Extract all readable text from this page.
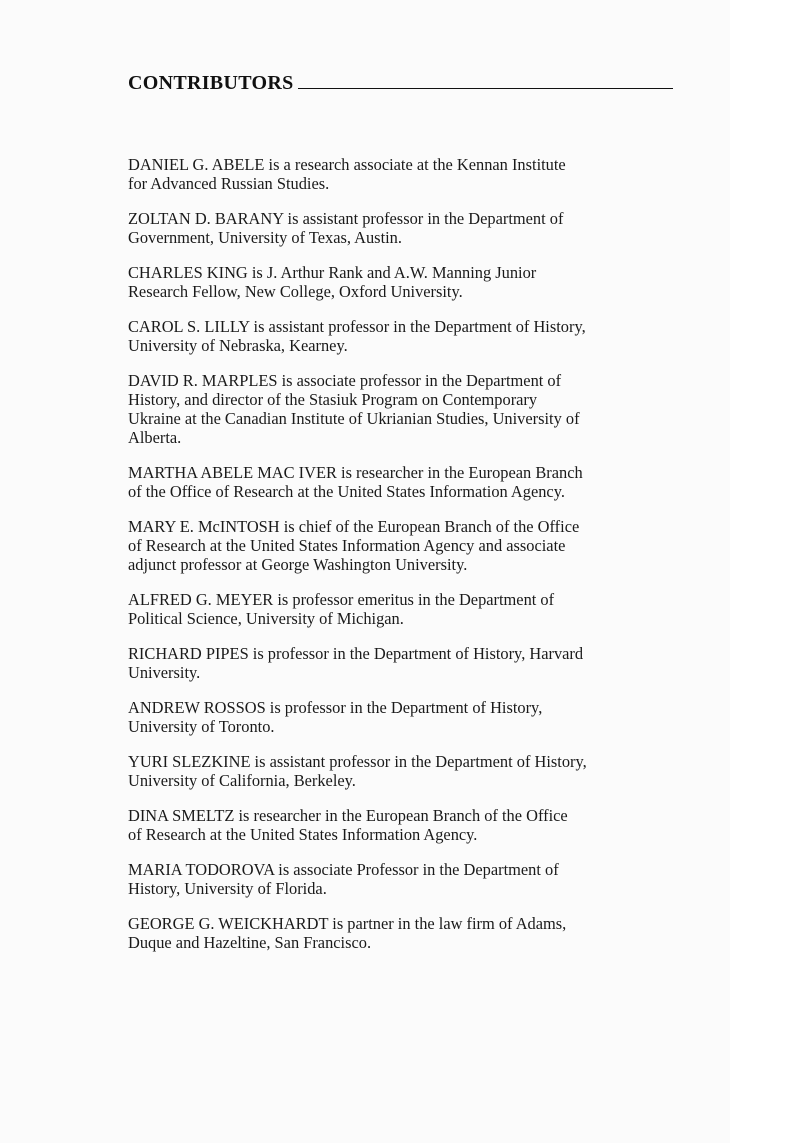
CONTRIBUTORS
DANIEL G. ABELE is a research associate at the Kennan Institute
for Advanced Russian Studies.
ZOLTAN D. BARANY is assistant professor in the Department of
Government, University of Texas, Austin.
CHARLES KING is J. Arthur Rank and A.W. Manning Junior
Research Fellow, New College, Oxford University.
CAROL S. LILLY is assistant professor in the Department of History,
University of Nebraska, Kearney.
DAVID R. MARPLES is associate professor in the Department of
History, and director of the Stasiuk Program on Contemporary
Ukraine at the Canadian Institute of Ukrianian Studies, University of
Alberta.
MARTHA ABELE MAC IVER is researcher in the European Branch
of the Office of Research at the United States Information Agency.
MARY E. McINTOSH is chief of the European Branch of the Office
of Research at the United States Information Agency and associate
adjunct professor at George Washington University.
ALFRED G. MEYER is professor emeritus in the Department of
Political Science, University of Michigan.
RICHARD PIPES is professor in the Department of History, Harvard
University.
ANDREW ROSSOS is professor in the Department of History,
University of Toronto.
YURI SLEZKINE is assistant professor in the Department of History,
University of California, Berkeley.
DINA SMELTZ is researcher in the European Branch of the Office
of Research at the United States Information Agency.
MARIA TODOROVA is associate Professor in the Department of
History, University of Florida.
GEORGE G. WEICKHARDT is partner in the law firm of Adams,
Duque and Hazeltine, San Francisco.
